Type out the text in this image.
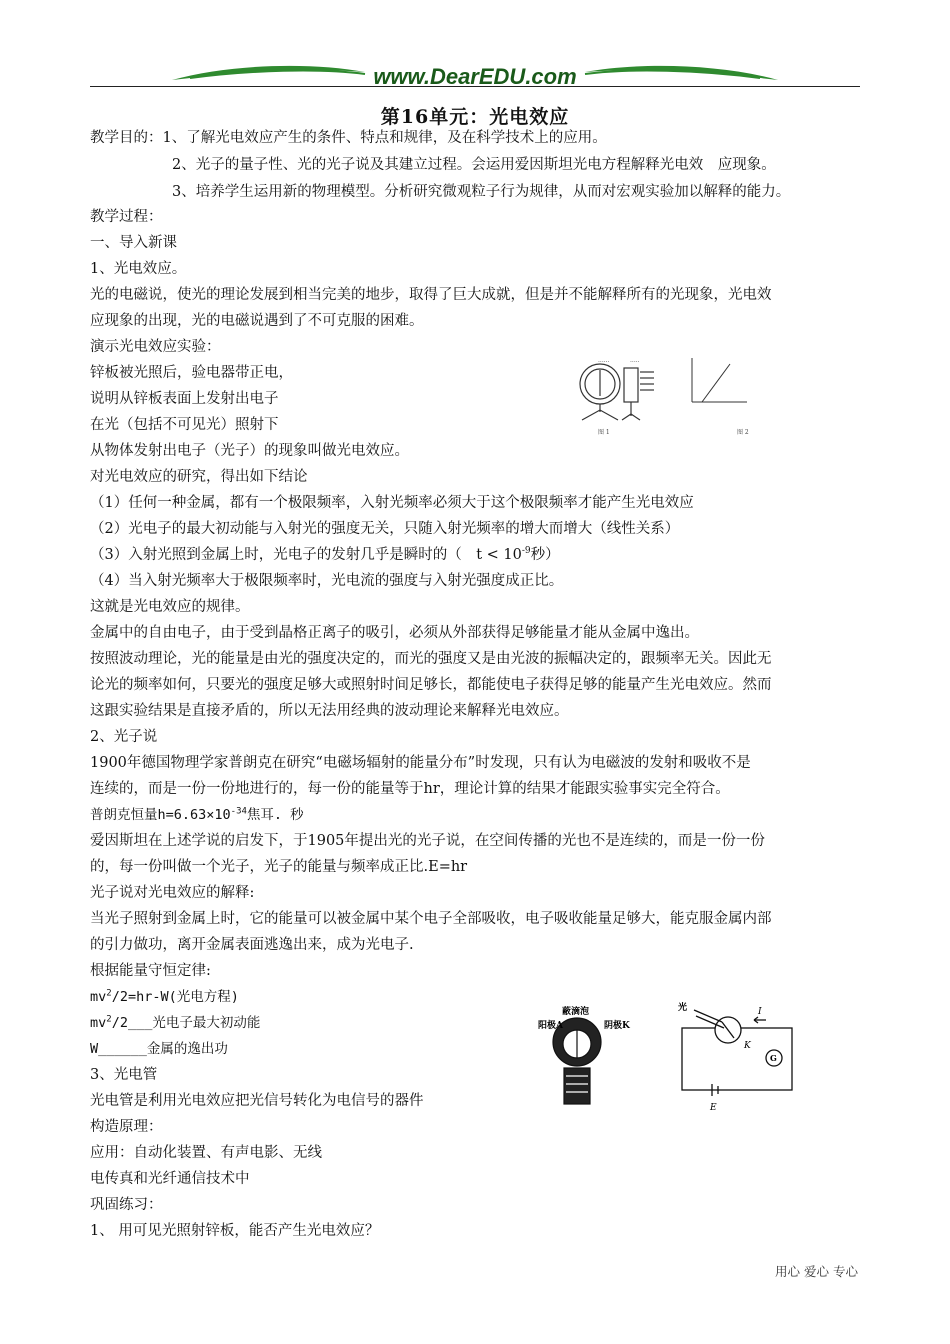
www.DearEDU.com
第16单元：光电效应
教学目的：1、了解光电效应产生的条件、特点和规律，及在科学技术上的应用。
2、光子的量子性、光的光子说及其建立过程。会运用爱因斯坦光电方程解释光电效　应现象。
3、培养学生运用新的物理模型。分析研究微观粒子行为规律，从而对宏观实验加以解释的能力。
教学过程：
一、导入新课
1、光电效应。
光的电磁说，使光的理论发展到相当完美的地步，取得了巨大成就，但是并不能解释所有的光现象，光电效
应现象的出现，光的电磁说遇到了不可克服的困难。
演示光电效应实验：
锌板被光照后，验电器带正电，
说明从锌板表面上发射出电子
在光（包括不可见光）照射下
从物体发射出电子（光子）的现象叫做光电效应。
......	.....
图 1	图 2
对光电效应的研究，得出如下结论
（1）任何一种金属，都有一个极限频率，入射光频率必须大于这个极限频率才能产生光电效应
（2）光电子的最大初动能与入射光的强度无关，只随入射光频率的增大而增大（线性关系）
（3）入射光照到金属上时，光电子的发射几乎是瞬时的（　$t < 10^{-9}$秒）
（4）当入射光频率大于极限频率时，光电流的强度与入射光强度成正比。
这就是光电效应的规律。
金属中的自由电子，由于受到晶格正离子的吸引，必须从外部获得足够能量才能从金属中逸出。
按照波动理论，光的能量是由光的强度决定的，而光的强度又是由光波的振幅决定的，跟频率无关。因此无
论光的频率如何，只要光的强度足够大或照射时间足够长，都能使电子获得足够的能量产生光电效应。然而
这跟实验结果是直接矛盾的，所以无法用经典的波动理论来解释光电效应。
2、光子说
1900年德国物理学家普朗克在研究“电磁场辐射的能量分布”时发现，只有认为电磁波的发射和吸收不是
连续的，而是一份一份地进行的，每一份的能量等于hr，理论计算的结果才能跟实验事实完全符合。
普朗克恒量$h=6.63\times 10^{-34}$焦耳. 秒
爱因斯坦在上述学说的启发下，于1905年提出光的光子说，在空间传播的光也不是连续的，而是一份一份
的，每一份叫做一个光子，光子的能量与频率成正比.E=hr
光子说对光电效应的解释:
当光子照射到金属上时，它的能量可以被金属中某个电子全部吸收，电子吸收能量足够大，能克服金属内部
的引力做功，离开金属表面逃逸出来，成为光电子.
根据能量守恒定律:
$mv^2/2=hr-W$(光电方程)
$mv^2/2\_\_\_$光电子最大初动能
W______金属的逸出功
蔽滴泡
阳极A	阴极K
光	I
K
G
E
3、光电管
光电管是利用光电效应把光信号转化为电信号的器件
构造原理：
应用：自动化装置、有声电影、无线
电传真和光纤通信技术中
巩固练习：
1、 用可见光照射锌板，能否产生光电效应？
用心 爱心 专心
